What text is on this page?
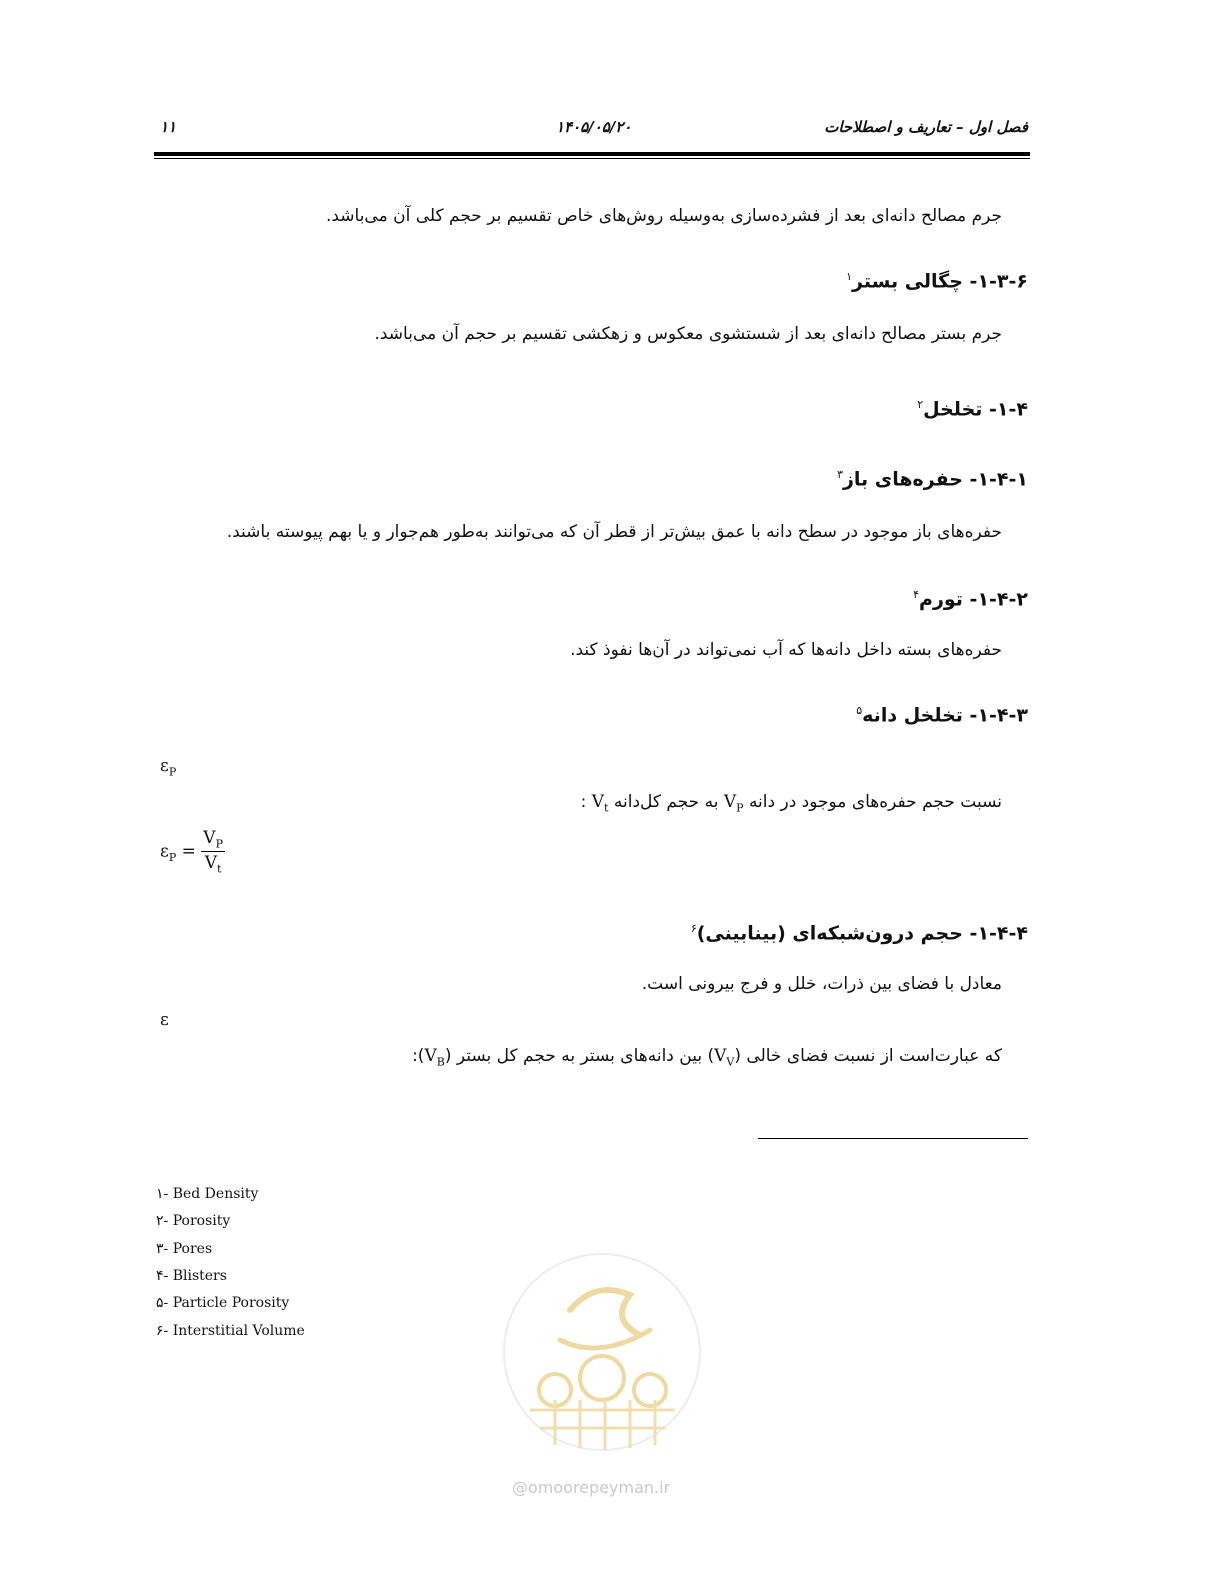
فصل اول – تعاریف و اصطلاحات
۱۴۰۵/۰۵/۲۰
۱۱
جرم مصالح دانه‌ای بعد از فشرده‌سازی به‌وسیله روش‌های خاص تقسیم بر حجم کلی آن می‌باشد.
۱-۳-۶- چگالی بستر$^۱$
جرم بستر مصالح دانه‌ای بعد از شستشوی معکوس و زهکشی تقسیم بر حجم آن می‌باشد.
۱-۴- تخلخل$^۲$
۱-۴-۱- حفره‌های باز$^۳$
حفره‌های باز موجود در سطح دانه با عمق بیش‌تر از قطر آن که می‌توانند به‌طور هم‌جوار و یا بهم پیوسته باشند.
۱-۴-۲- تورم$^۴$
حفره‌های بسته داخل دانه‌ها که آب نمی‌تواند در آن‌ها نفوذ کند.
۱-۴-۳- تخلخل دانه$^۵$
$\varepsilon_P$
نسبت حجم حفره‌های موجود در دانه $V_P$ به حجم کل‌دانه $V_t$ :
$\varepsilon_P = \frac{V_P}{V_t}$
۱-۴-۴- حجم درون‌شبکه‌ای (بینابینی)$^۶$
معادل با فضای بین ذرات، خلل و فرج بیرونی است.
ε
که عبارت‌است از نسبت فضای خالی $(V_V)$ بین دانه‌های بستر به حجم کل بستر $(V_B)$:
۱- Bed Density
۲- Porosity
۳- Pores
۴- Blisters
۵- Particle Porosity
۶- Interstitial Volume
@omoorepeyman.ir
